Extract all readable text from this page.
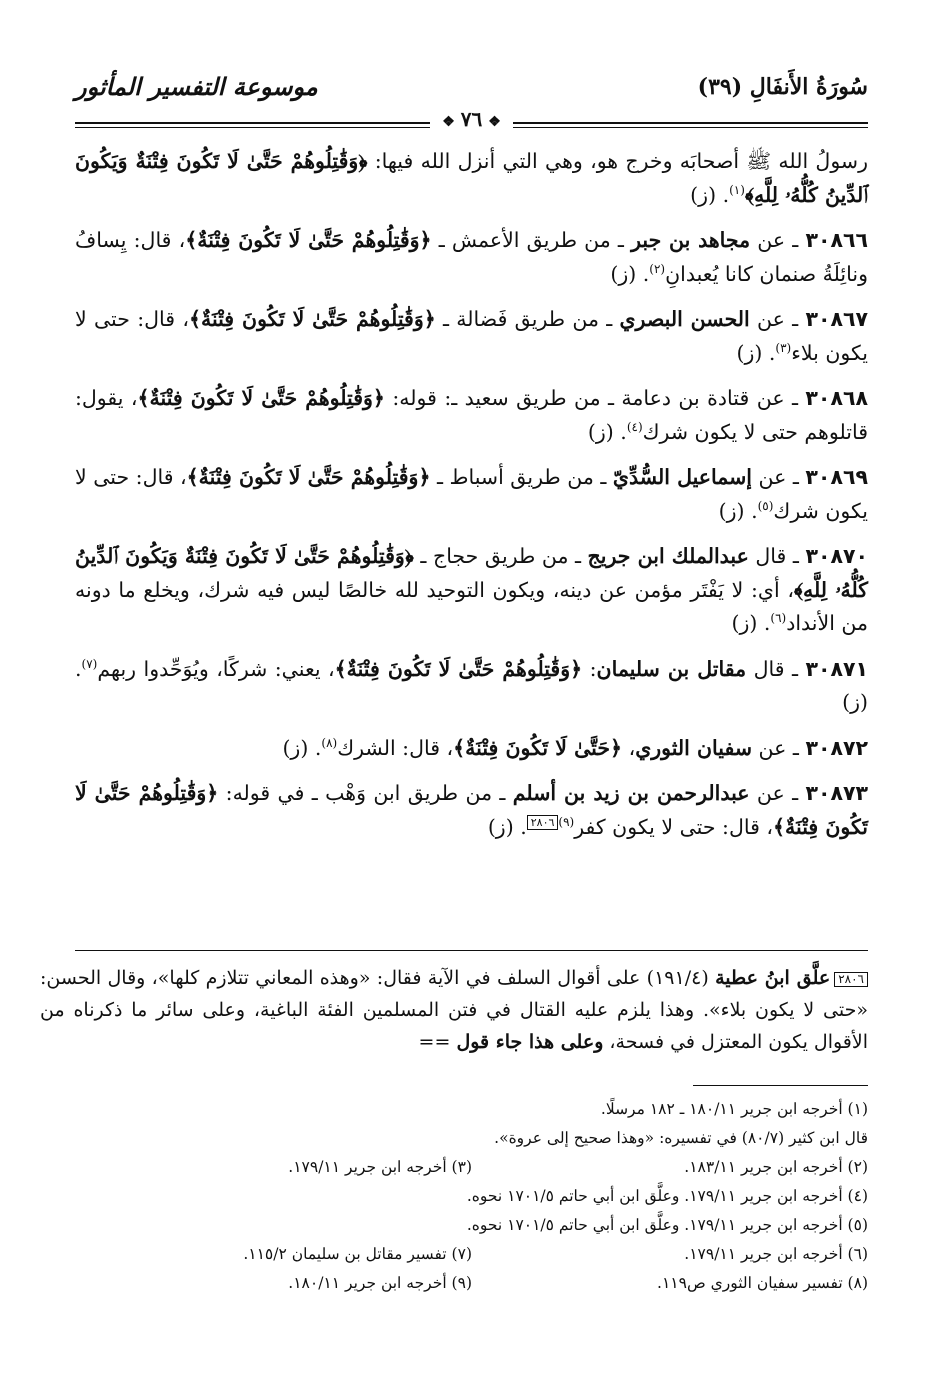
سُورَةُ الأَنفَالِ (٣٩)
موسوعة التفسير المأثور
❖ ٧٦ ❖

رسولُ الله ﷺ أصحابَه وخرج هو، وهي التي أنزل الله فيها: ﴿وَقَٰتِلُوهُمْ حَتَّىٰ لَا تَكُونَ فِتْنَةٌ وَيَكُونَ ٱلدِّينُ كُلُّهُۥ لِلَّهِ﴾$^{(١)}$. (ز)

٣٠٨٦٦ ـ عن مجاهد بن جبر ـ من طريق الأعمش ـ ﴿وَقَٰتِلُوهُمْ حَتَّىٰ لَا تَكُونَ فِتْنَةٌ﴾، قال: يِسافُ ونائِلَةُ صنمان كانا يُعبدانِ$^{(٢)}$. (ز)

٣٠٨٦٧ ـ عن الحسن البصري ـ من طريق فَضالة ـ ﴿وَقَٰتِلُوهُمْ حَتَّىٰ لَا تَكُونَ فِتْنَةٌ﴾، قال: حتى لا يكون بلاء$^{(٣)}$. (ز)

٣٠٨٦٨ ـ عن قتادة بن دعامة ـ من طريق سعيد ـ: قوله: ﴿وَقَٰتِلُوهُمْ حَتَّىٰ لَا تَكُونَ فِتْنَةٌ﴾، يقول: قاتلوهم حتى لا يكون شرك$^{(٤)}$. (ز)

٣٠٨٦٩ ـ عن إسماعيل السُّدِّيّ ـ من طريق أسباط ـ ﴿وَقَٰتِلُوهُمْ حَتَّىٰ لَا تَكُونَ فِتْنَةٌ﴾، قال: حتى لا يكون شرك$^{(٥)}$. (ز)

٣٠٨٧٠ ـ قال عبدالملك ابن جريج ـ من طريق حجاج ـ ﴿وَقَٰتِلُوهُمْ حَتَّىٰ لَا تَكُونَ فِتْنَةٌ وَيَكُونَ ٱلدِّينُ كُلُّهُۥ لِلَّهِ﴾، أي: لا يَفْتَر مؤمن عن دينه، ويكون التوحيد لله خالصًا ليس فيه شرك، ويخلع ما دونه من الأنداد$^{(٦)}$. (ز)

٣٠٨٧١ ـ قال مقاتل بن سليمان: ﴿وَقَٰتِلُوهُمْ حَتَّىٰ لَا تَكُونَ فِتْنَةٌ﴾، يعني: شركًا، ويُوَحِّدوا ربهم$^{(٧)}$. (ز)

٣٠٨٧٢ ـ عن سفيان الثوري، ﴿حَتَّىٰ لَا تَكُونَ فِتْنَةٌ﴾، قال: الشرك$^{(٨)}$. (ز)

٣٠٨٧٣ ـ عن عبدالرحمن بن زيد بن أسلم ـ من طريق ابن وَهْب ـ في قوله: ﴿وَقَٰتِلُوهُمْ حَتَّىٰ لَا تَكُونَ فِتْنَةٌ﴾، قال: حتى لا يكون كفر$^{(٩)}$٢٨٠٦. (ز)

٢٨٠٦علَّق ابنُ عطية (١٩١/٤) على أقوال السلف في الآية فقال: «وهذه المعاني تتلازم كلها»، وقال الحسن: «حتى لا يكون بلاء». وهذا يلزم عليه القتال في فتن المسلمين الفئة الباغية، وعلى سائر ما ذكرناه من الأقوال يكون المعتزل في فسحة، وعلى هذا جاء قول ==
(١) أخرجه ابن جرير ١٨٠/١١ ـ ١٨٢ مرسلًا.
قال ابن كثير (٨٠/٧) في تفسيره: «وهذا صحيح إلى عروة».
(٢) أخرجه ابن جرير ١٨٣/١١.
(٣) أخرجه ابن جرير ١٧٩/١١.
(٤) أخرجه ابن جرير ١٧٩/١١. وعلَّق ابن أبي حاتم ١٧٠١/٥ نحوه.
(٥) أخرجه ابن جرير ١٧٩/١١. وعلَّق ابن أبي حاتم ١٧٠١/٥ نحوه.
(٦) أخرجه ابن جرير ١٧٩/١١.
(٧) تفسير مقاتل بن سليمان ١١٥/٢.
(٨) تفسير سفيان الثوري ص١١٩.
(٩) أخرجه ابن جرير ١٨٠/١١.
